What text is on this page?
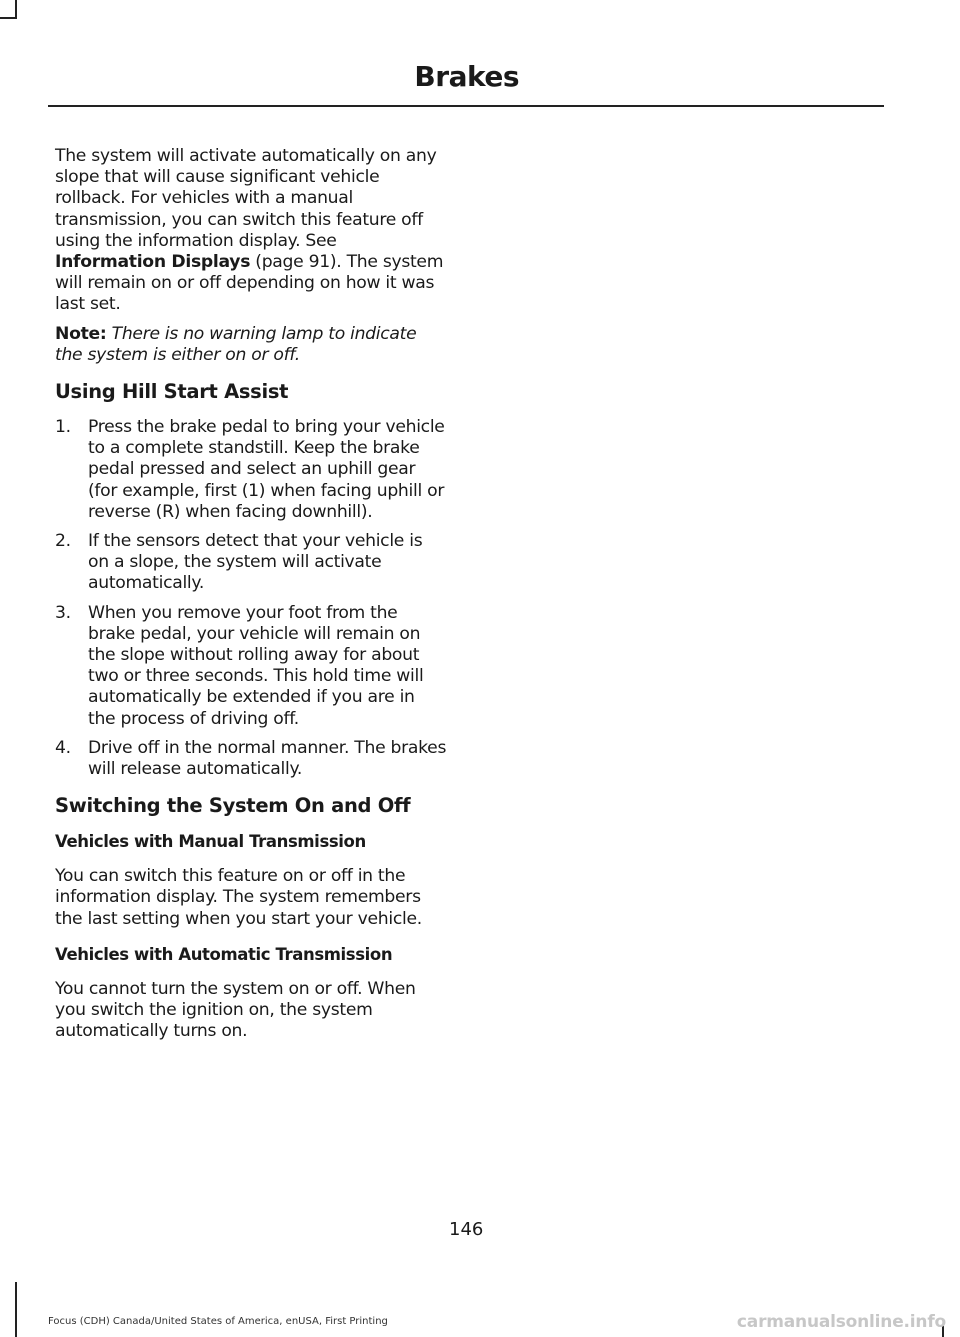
Brakes

The system will activate automatically on any slope that will cause significant vehicle rollback. For vehicles with a manual transmission, you can switch this feature off using the information display. See Information Displays (page 91). The system will remain on or off depending on how it was last set.

Note: There is no warning lamp to indicate the system is either on or off.

Using Hill Start Assist
1. Press the brake pedal to bring your vehicle to a complete standstill. Keep the brake pedal pressed and select an uphill gear (for example, first (1) when facing uphill or reverse (R) when facing downhill).
2. If the sensors detect that your vehicle is on a slope, the system will activate automatically.
3. When you remove your foot from the brake pedal, your vehicle will remain on the slope without rolling away for about two or three seconds. This hold time will automatically be extended if you are in the process of driving off.
4. Drive off in the normal manner. The brakes will release automatically.
Switching the System On and Off
Vehicles with Manual Transmission

You can switch this feature on or off in the information display. The system remembers the last setting when you start your vehicle.

Vehicles with Automatic Transmission

You cannot turn the system on or off. When you switch the ignition on, the system automatically turns on.

146
Focus (CDH) Canada/United States of America, enUSA, First Printing	carmanualsonline.info
